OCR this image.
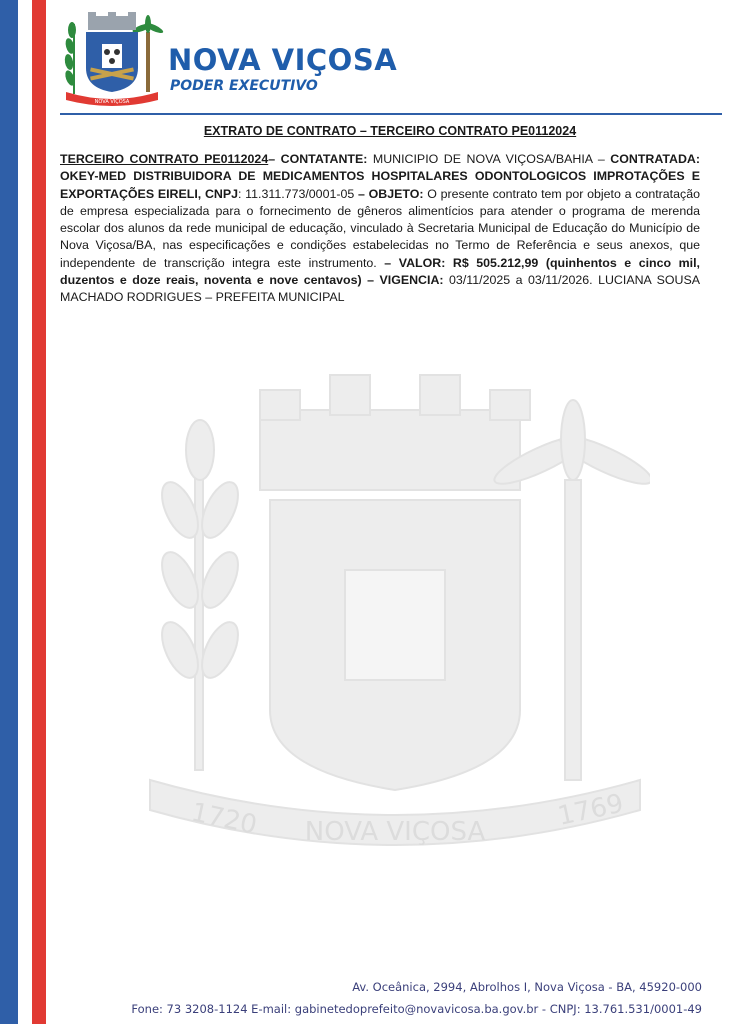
NOVA VIÇOSA
NOVA VIÇOSA
PODER EXECUTIVO
EXTRATO DE CONTRATO – TERCEIRO CONTRATO PE0112024
1720 NOVA VIÇOSA
1769
TERCEIRO CONTRATO PE0112024– CONTATANTE: MUNICIPIO DE NOVA VIÇOSA/BAHIA – CONTRATADA: OKEY-MED DISTRIBUIDORA DE MEDICAMENTOS HOSPITALARES ODONTOLOGICOS IMPROTAÇÕES E EXPORTAÇÕES EIRELI, CNPJ: 11.311.773/0001-05 – OBJETO: O presente contrato tem por objeto a contratação de empresa especializada para o fornecimento de gêneros alimentícios para atender o programa de merenda escolar dos alunos da rede municipal de educação, vinculado à Secretaria Municipal de Educação do Município de Nova Viçosa/BA, nas especificações e condições estabelecidas no Termo de Referência e seus anexos, que independente de transcrição integra este instrumento. – VALOR: R$ 505.212,99 (quinhentos e cinco mil, duzentos e doze reais, noventa e nove centavos) – VIGENCIA: 03/11/2025 a 03/11/2026. LUCIANA SOUSA MACHADO RODRIGUES – PREFEITA MUNICIPAL
Av. Oceânica, 2994, Abrolhos I, Nova Viçosa - BA, 45920-000
Fone: 73 3208-1124 E-mail: gabinetedoprefeito@novavicosa.ba.gov.br - CNPJ: 13.761.531/0001-49
